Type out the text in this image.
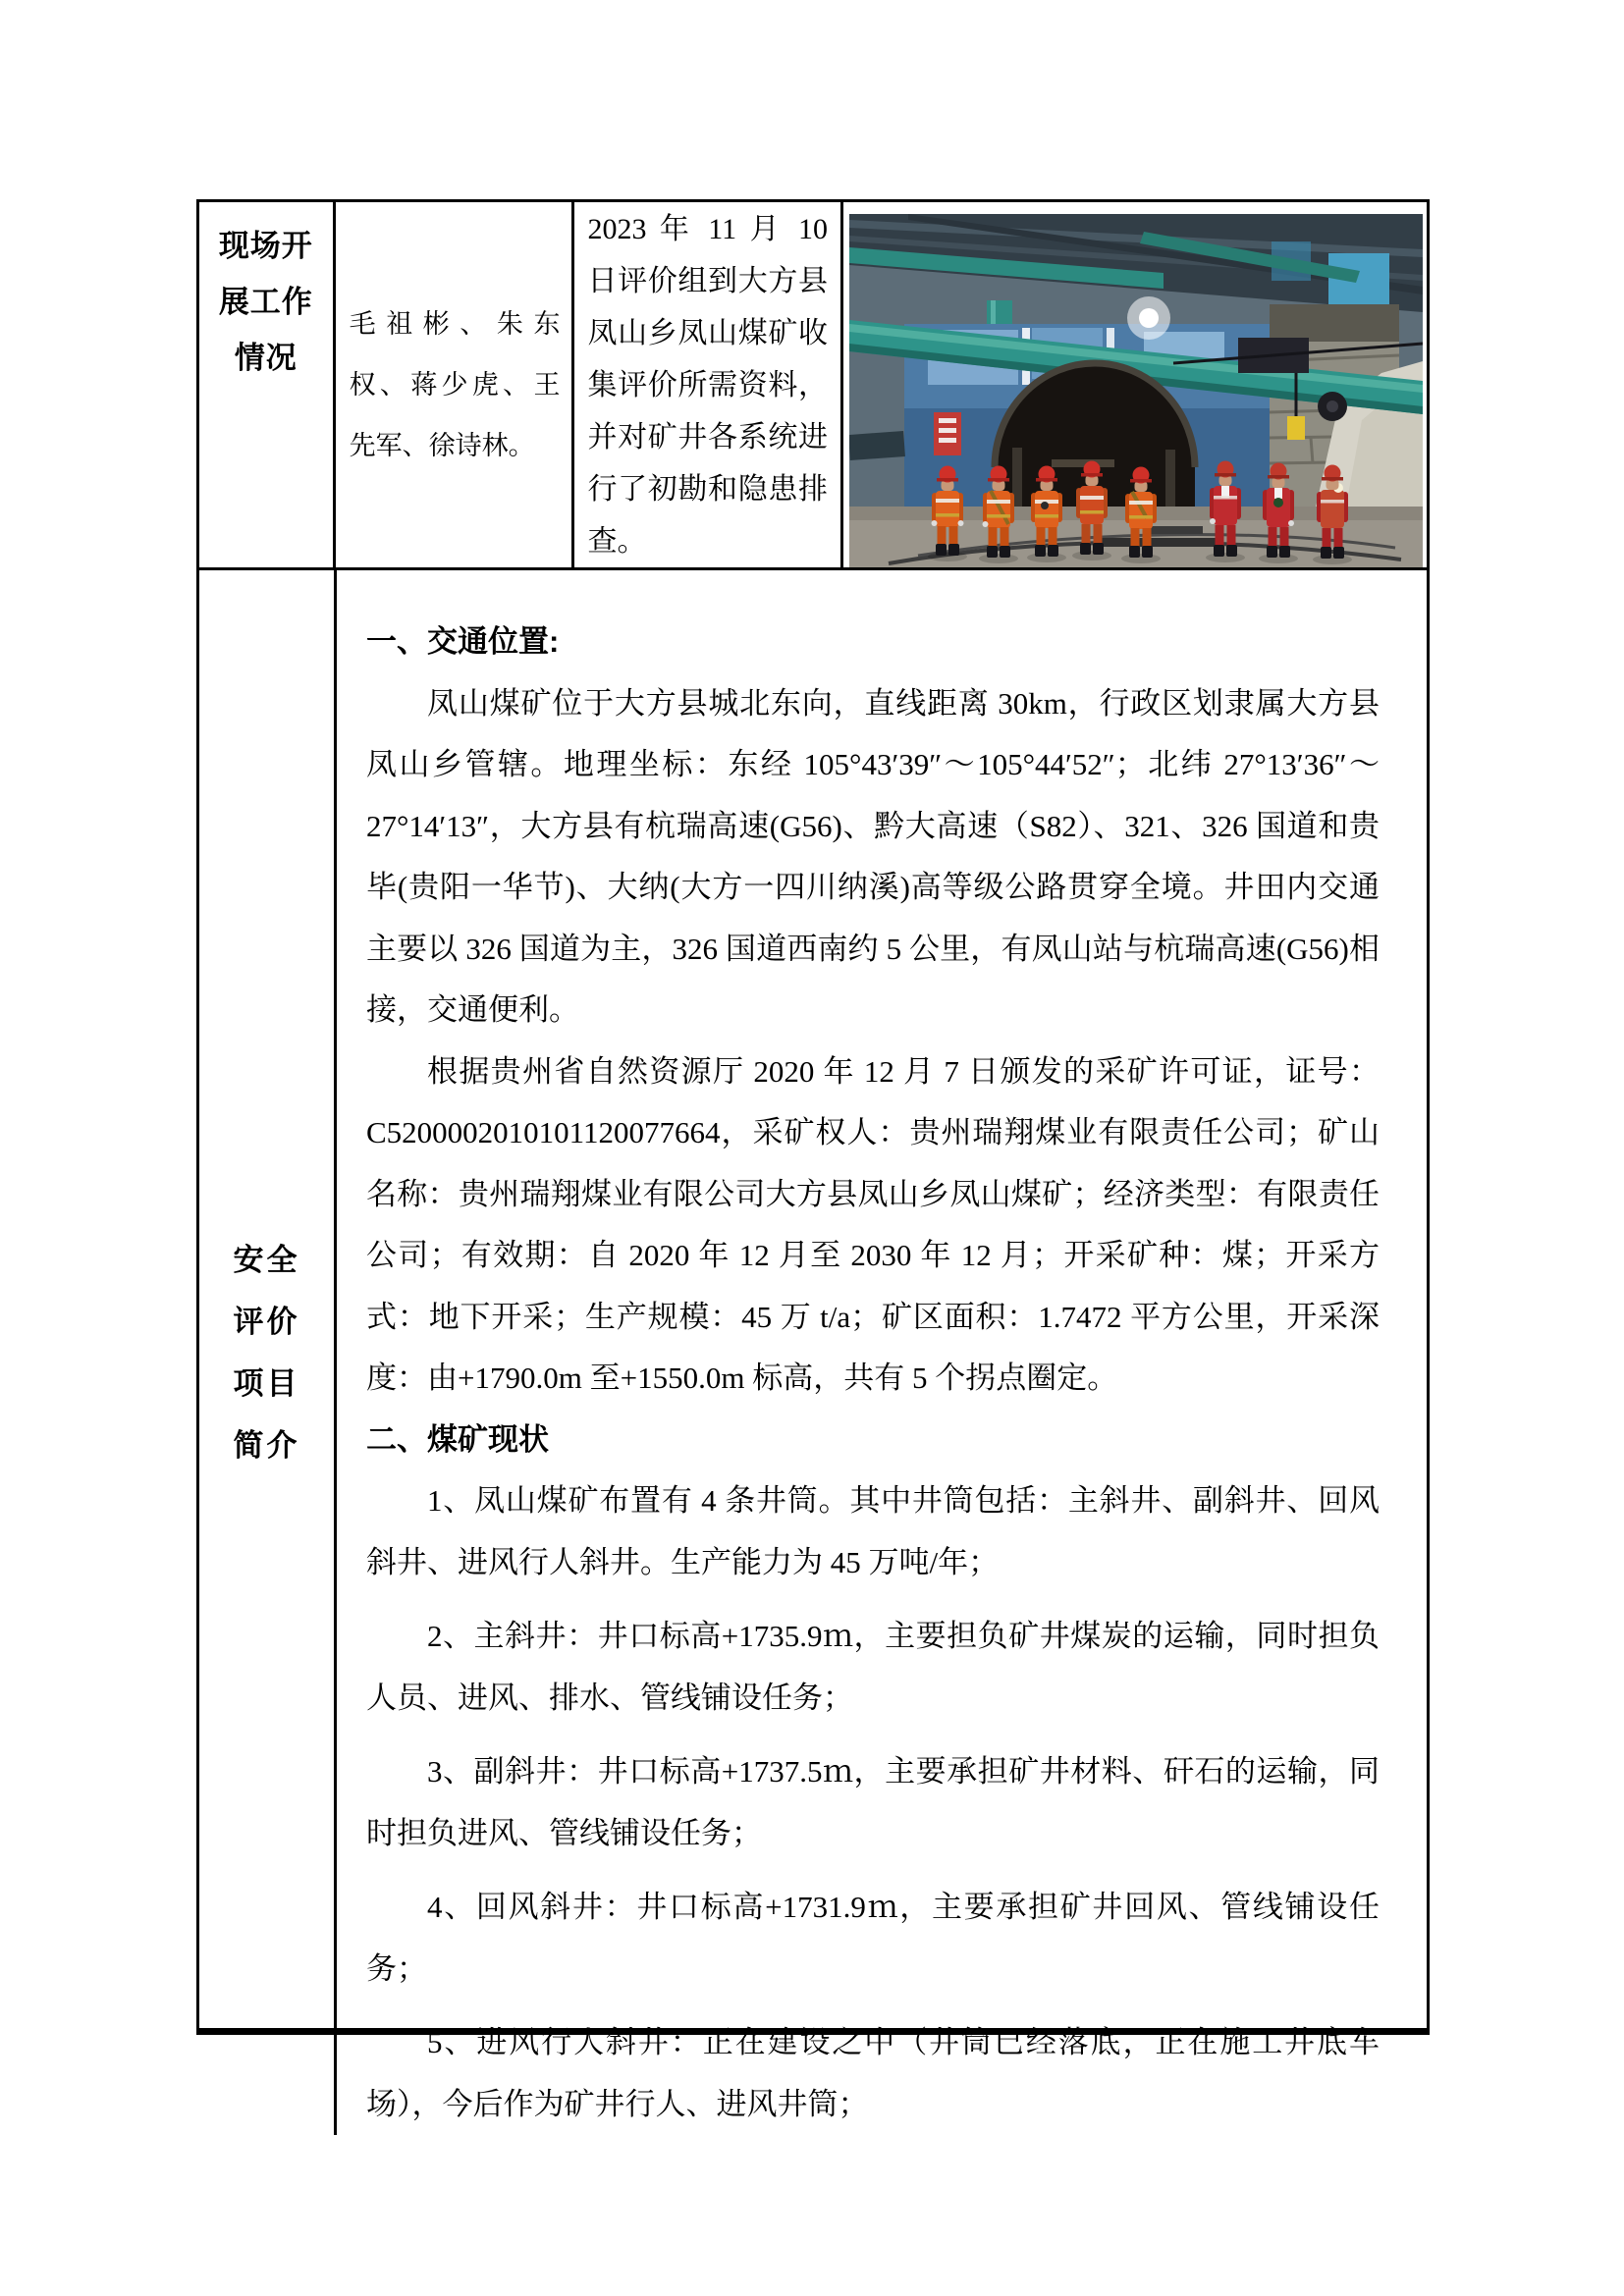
现场开
展工作
情况
毛祖彬、朱东权、蒋少虎、王先军、徐诗林。
2023 年 11 月 10 日评价组到大方县凤山乡凤山煤矿收集评价所需资料，并对矿井各系统进行了初勘和隐患排查。
安全
评价
项目
简介
一、交通位置:
凤山煤矿位于大方县城北东向，直线距离 30km，行政区划隶属大方县凤山乡管辖。地理坐标：东经 105°43′39″～105°44′52″；北纬 27°13′36″～27°14′13″，大方县有杭瑞高速(G56)、黔大高速（S82）、321、326 国道和贵毕(贵阳一华节)、大纳(大方一四川纳溪)高等级公路贯穿全境。井田内交通主要以 326 国道为主，326 国道西南约 5 公里，有凤山站与杭瑞高速(G56)相接，交通便利。
根据贵州省自然资源厅 2020 年 12 月 7 日颁发的采矿许可证，证号：C5200002010101120077664，采矿权人：贵州瑞翔煤业有限责任公司；矿山名称：贵州瑞翔煤业有限公司大方县凤山乡凤山煤矿；经济类型：有限责任公司；有效期：自 2020 年 12 月至 2030 年 12 月；开采矿种：煤；开采方式：地下开采；生产规模：45 万 t/a；矿区面积：1.7472 平方公里，开采深度：由+1790.0m 至+1550.0m 标高，共有 5 个拐点圈定。
二、煤矿现状
1、凤山煤矿布置有 4 条井筒。其中井筒包括：主斜井、副斜井、回风斜井、进风行人斜井。生产能力为 45 万吨/年；
2、主斜井：井口标高+1735.9ｍ，主要担负矿井煤炭的运输，同时担负人员、进风、排水、管线铺设任务；
3、副斜井：井口标高+1737.5ｍ，主要承担矿井材料、矸石的运输，同时担负进风、管线铺设任务；
4、回风斜井：井口标高+1731.9ｍ，主要承担矿井回风、管线铺设任务；
5、进风行人斜井：正在建设之中（井筒已经落底，正在施工井底车场），今后作为矿井行人、进风井筒；
